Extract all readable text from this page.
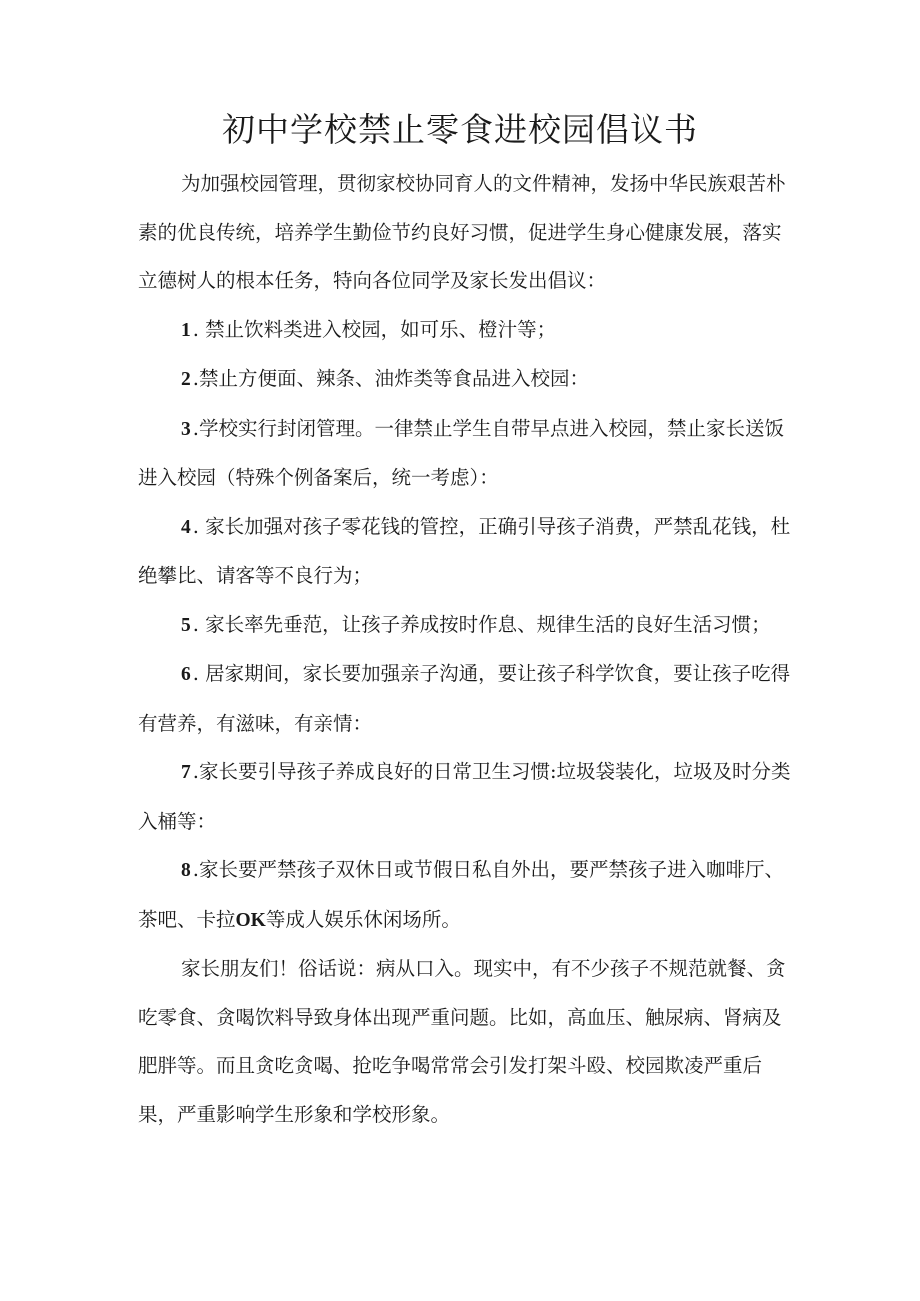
初中学校禁止零食进校园倡议书

为加强校园管理，贯彻家校协同育人的文件精神，发扬中华民族艰苦朴素的优良传统，培养学生勤俭节约良好习惯，促进学生身心健康发展，落实立德树人的根本任务，特向各位同学及家长发出倡议：

1 . 禁止饮料类进入校园，如可乐、橙汁等；

2 .禁止方便面、辣条、油炸类等食品进入校园：

3 .学校实行封闭管理。一律禁止学生自带早点进入校园，禁止家长送饭进入校园（特殊个例备案后，统一考虑）：

4 . 家长加强对孩子零花钱的管控，正确引导孩子消费，严禁乱花钱，杜绝攀比、请客等不良行为；

5 . 家长率先垂范，让孩子养成按时作息、规律生活的良好生活习惯；

6 . 居家期间，家长要加强亲子沟通，要让孩子科学饮食，要让孩子吃得有营养，有滋味，有亲情：

7 .家长要引导孩子养成良好的日常卫生习惯:垃圾袋装化，垃圾及时分类入桶等：

8 .家长要严禁孩子双休日或节假日私自外出，要严禁孩子进入咖啡厅、茶吧、卡拉OK等成人娱乐休闲场所。

家长朋友们！俗话说：病从口入。现实中，有不少孩子不规范就餐、贪吃零食、贪喝饮料导致身体出现严重问题。比如，高血压、触尿病、肾病及肥胖等。而且贪吃贪喝、抢吃争喝常常会引发打架斗殴、校园欺凌严重后果，严重影响学生形象和学校形象。
